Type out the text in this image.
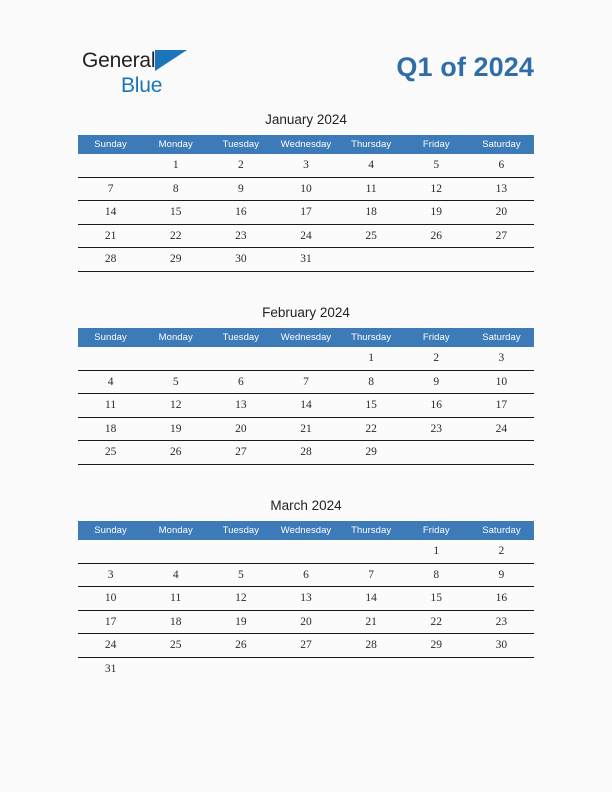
General
Blue
Q1 of 2024
January 2024
Sunday	Monday	Tuesday	Wednesday	Thursday	Friday	Saturday
	1	2	3	4	5	6
7	8	9	10	11	12	13
14	15	16	17	18	19	20
21	22	23	24	25	26	27
28	29	30	31			
February 2024
Sunday	Monday	Tuesday	Wednesday	Thursday	Friday	Saturday
				1	2	3
4	5	6	7	8	9	10
11	12	13	14	15	16	17
18	19	20	21	22	23	24
25	26	27	28	29		
March 2024
Sunday	Monday	Tuesday	Wednesday	Thursday	Friday	Saturday
					1	2
3	4	5	6	7	8	9
10	11	12	13	14	15	16
17	18	19	20	21	22	23
24	25	26	27	28	29	30
31						
